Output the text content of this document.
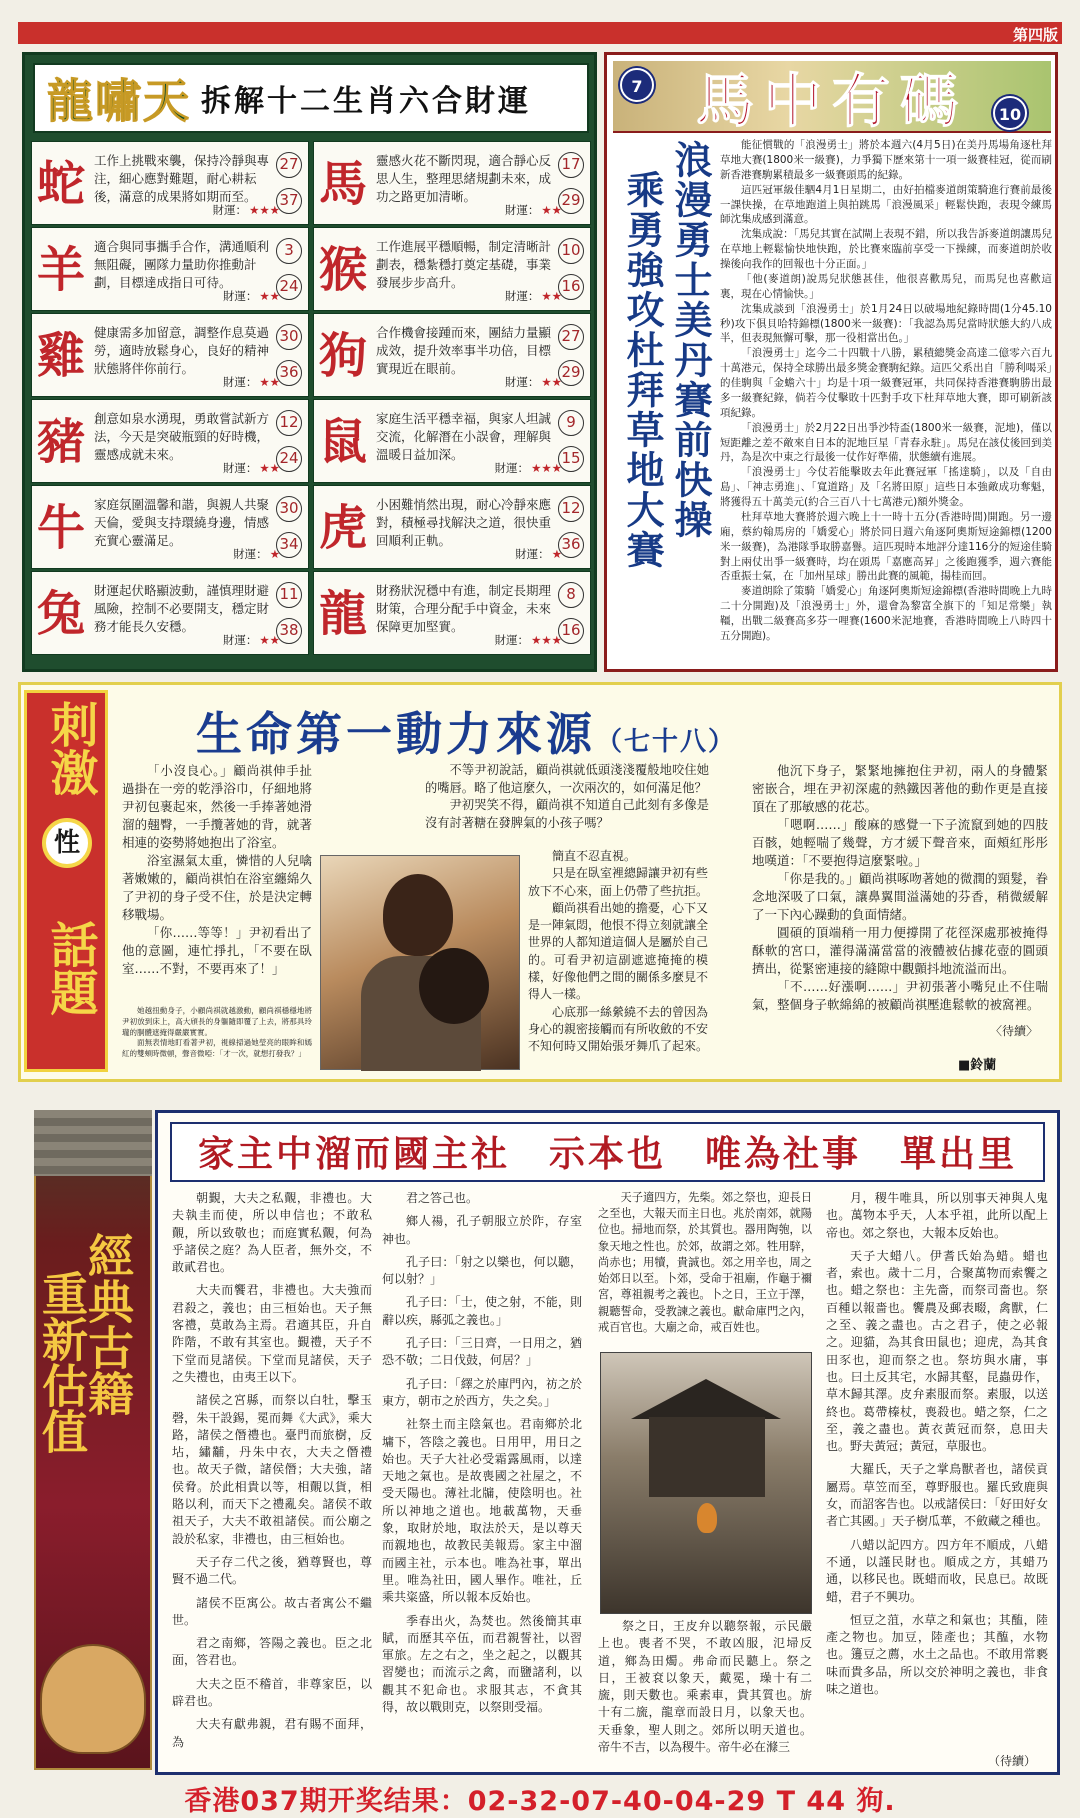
第四版
龍嘯天 拆解十二生肖六合財運
蛇 工作上挑戰來襲，保持冷靜與專注，細心應對難題，耐心耕耘後，滿意的成果將如期而至。
財運： ★★★
27
37 馬 靈感火花不斷閃現，適合靜心反思人生，整理思緒規劃未來，成功之路更加清晰。
財運： ★★
17
29
羊 適合與同事攜手合作，溝通順利無阻礙，團隊力量助你推動計劃，目標達成指日可待。
財運： ★★
3
24 猴 工作進展平穩順暢，制定清晰計劃表，穩紮穩打奠定基礎，事業發展步步高升。
財運： ★★
10
16
雞 健康需多加留意，調整作息莫過勞，適時放鬆身心，良好的精神狀態將伴你前行。
財運： ★★
30
36 狗 合作機會接踵而來，團結力量顯成效，提升效率事半功倍，目標實現近在眼前。
財運： ★★
27
29
豬 創意如泉水湧現，勇敢嘗試新方法，今天是突破瓶頸的好時機，靈感成就未來。
財運： ★★
12
24 鼠 家庭生活平穩幸福，與家人坦誠交流，化解潛在小誤會，理解與溫暖日益加深。
財運： ★★★
9
15
牛 家庭氛圍溫馨和諧，與親人共聚天倫，愛與支持環繞身邊，情感充實心靈滿足。
財運： ★
30
34 虎 小困難悄然出現，耐心冷靜來應對，積極尋找解決之道，很快重回順利正軌。
財運： ★
12
36
兔 財運起伏略顯波動，謹慎理財避風險，控制不必要開支，穩定財務才能長久安穩。
財運： ★★
11
38 龍 財務狀況穩中有進，制定長期理財策，合理分配手中資金，未來保障更加堅實。
財運： ★★★
8
16
馬中有碼
7
10
浪漫勇士美丹賽前快操
乘勇強攻杜拜草地大賽

能征慣戰的「浪漫勇士」將於本週六(4月5日)在美丹馬場角逐杜拜草地大賽(1800米一級賽)，力爭獨下歷來第十一項一級賽桂冠，從而刷新香港賽駒累積最多一級賽頭馬的紀錄。

這匹冠軍級佳駟4月1日星期二，由好拍檔麥道朗策騎進行賽前最後一課快操，在草地跑道上與拍跳馬「浪漫風采」輕鬆快跑，表現令練馬師沈集成感到滿意。

沈集成說：「馬兒其實在試閘上表現不錯，所以我告訴麥道朗讓馬兒在草地上輕鬆愉快地快跑，於比賽來臨前享受一下操練，而麥道朗於收操後向我作的回報也十分正面。」

「他(麥道朗)說馬兒狀態甚佳，他很喜歡馬兒，而馬兒也喜歡這裏，現在心情愉快。」

沈集成談到「浪漫勇士」於1月24日以破場地紀錄時間(1分45.10秒)攻下俱貝哈特錦標(1800米一級賽)：「我認為馬兒當時狀態大約八成半，但表現無懈可擊，那一役相當出色。」

「浪漫勇士」迄今二十四戰十八勝，累積總獎金高達二億零六百九十萬港元，保持全球勝出最多獎金賽駒紀錄。這匹父系出自「勝利喝采」的佳駒與「金蟾六十」均是十項一級賽冠軍，共同保持香港賽駒勝出最多一級賽紀錄，倘若今仗擊敗十匹對手攻下杜拜草地大賽，即可刷新該項紀錄。

「浪漫勇士」於2月22日出爭沙特盃(1800米一級賽，泥地)，僅以短距離之差不敵來自日本的泥地巨星「青春永駐」。馬兒在該仗後回到美丹，為是次中東之行最後一仗作好準備，狀態續有進展。

「浪漫勇士」今仗若能擊敗去年此賽冠軍「搖達騎」，以及「自由島」、「神志勇進」、「寬道路」及「名將田原」這些日本強敵成功奪魁，將獲得五十萬美元(約合三百八十七萬港元)額外獎金。

杜拜草地大賽將於週六晚上十一時十五分(香港時間)開跑。另一邊廂，蔡約翰馬房的「嬌愛心」將於同日週六角逐阿奧斯短途錦標(1200米一級賽)，為港隊爭取勝嘉譽。這匹現時本地評分達116分的短途佳騎對上兩仗出爭一級賽時，均在頭馬「嘉應高昇」之後跑獲季，週六賽能否重振士氣，在「加州星球」勝出此賽的風範，揚桂而回。

麥道朗除了策騎「嬌愛心」角逐阿奧斯短途錦標(香港時間晚上九時二十分開跑)及「浪漫勇士」外，還會為黎富全旗下的「知足常樂」執韁，出戰二級賽高多芬一哩賽(1600米泥地賽，香港時間晚上八時四十五分開跑)。

刺激
性
話題
生命第一動力來源（七十八）

「小沒良心。」顧尚祺伸手扯過掛在一旁的乾淨浴巾，仔細地將尹初包裹起來，然後一手捧著她滑溜的翹臀，一手攬著她的背，就著相連的姿勢將她抱出了浴室。

浴室濕氣太重，憐惜的人兒噙著嫩嫩的，顧尚祺怕在浴室纏綿久了尹初的身子受不住，於是決定轉移戰場。

「你……等等！」尹初看出了他的意圖，連忙掙扎，「不要在臥室……不對，不要再來了！」

她越扭動身子，小顧尚祺就越激動，顧尚祺穩穩地將尹初放到床上，高大頎長的身軀隨即覆了上去，將那具玲瓏的胴體遮掩得嚴嚴實實。

面無表情地盯看著尹初，視線掃過她瑩亮的眼眸和嫣紅的雙頰時微頓，聲音微啞：「才一次，就想打發我？」

不等尹初說話，顧尚祺就低頭淺淺覆般地咬住她的嘴唇。略了他這麼久，一次兩次的，如何滿足他？

尹初哭笑不得，顧尚祺不知道自己此刻有多像是沒有討著糖在發脾氣的小孩子嗎？

簡直不忍直視。

只是在臥室裡總歸讓尹初有些放下不心來，面上仍帶了些抗拒。

顧尚祺看出她的擔憂，心下又是一陣氣悶，他恨不得立刻就讓全世界的人都知道這個人是屬於自己的。可看尹初這副遮遮掩掩的模樣，好像他們之間的關係多麼見不得人一樣。

心底那一絲縈繞不去的曾因為身心的親密接觸而有所收斂的不安不知何時又開始張牙舞爪了起來。

他沉下身子，緊緊地擁抱住尹初，兩人的身體緊密嵌合，埋在尹初深處的熱鐵因著他的動作更是直接頂在了那敏感的花芯。

「嗯啊……」酸麻的感覺一下子流竄到她的四肢百骸，她輕喘了幾聲，方才緩下聲音來，面頰紅彤彤地嘆道：「不要抱得這麼緊啦。」

「你是我的。」顧尚祺啄吻著她的微潤的頸髮，眷念地深吸了口氣，讓鼻翼間溢滿她的芬香，稍微緩解了一下內心躁動的負面情緒。

圓碩的頂端稍一用力便撐開了花徑深處那被掩得酥軟的宮口，灌得滿滿當當的液體被佔據花壺的圓頭擠出，從緊密連接的縫隙中觀顫抖地流溢而出。

「不……好漲啊……」尹初張著小嘴兒止不住喘氣，整個身子軟綿綿的被顧尚祺壓進鬆軟的被窩裡。

〈待續〉
■鈴蘭
經典古籍
重新估值
家主中溜而國主社　示本也　唯為社事　單出里

朝覲，大夫之私覿，非禮也。大夫執圭而使，所以申信也；不敢私覿，所以致敬也；而庭實私覿，何為乎諸侯之庭？為人臣者，無外交，不敢貳君也。

大夫而饗君，非禮也。大夫強而君殺之，義也；由三桓始也。天子無客禮，莫敢為主焉。君適其臣，升自阼階，不敢有其室也。覲禮，天子不下堂而見諸侯。下堂而見諸侯，天子之失禮也，由夷王以下。

諸侯之宮縣，而祭以白牡，擊玉磬，朱干設錫，冕而舞《大武》，乘大路，諸侯之僭禮也。臺門而旅樹，反坫，繡黼，丹朱中衣，大夫之僭禮也。故天子微，諸侯僭；大夫強，諸侯脅。於此相貴以等，相覿以貨，相賂以利，而天下之禮亂矣。諸侯不敢祖天子，大夫不敢祖諸侯。而公廟之設於私家，非禮也，由三桓始也。

天子存二代之後，猶尊賢也，尊賢不過二代。

諸侯不臣寓公。故古者寓公不繼世。

君之南鄉，答陽之義也。臣之北面，答君也。

大夫之臣不稽首，非尊家臣，以辟君也。

大夫有獻弗親，君有賜不面拜，為

君之答己也。

鄉人禓，孔子朝服立於阼，存室神也。

孔子曰：「射之以樂也，何以聽，何以射？」

孔子曰：「士，使之射，不能，則辭以疾，縣弧之義也。」

孔子曰：「三日齊，一日用之，猶恐不敬；二日伐鼓，何居？」

孔子曰：「繹之於庫門內，祊之於東方，朝市之於西方，失之矣。」

社祭土而主陰氣也。君南鄉於北墉下，答陰之義也。日用甲，用日之始也。天子大社必受霜露風雨，以達天地之氣也。是故喪國之社屋之，不受天陽也。薄社北牖，使陰明也。社所以神地之道也。地載萬物，天垂象，取財於地，取法於天，是以尊天而親地也，故教民美報焉。家主中溜而國主社，示本也。唯為社事，單出里。唯為社田，國人畢作。唯社，丘乘共粢盛，所以報本反始也。

季春出火，為焚也。然後簡其車賦，而歷其卒伍，而君親誓社，以習軍旅。左之右之，坐之起之，以觀其習變也；而流示之禽，而鹽諸利，以觀其不犯命也。求服其志，不貪其得，故以戰則克，以祭則受福。

天子適四方，先柴。郊之祭也，迎長日之至也，大報天而主日也。兆於南郊，就陽位也。掃地而祭，於其質也。器用陶匏，以象天地之性也。於郊，故謂之郊。牲用騂，尚赤也；用犢，貴誠也。郊之用辛也，周之始郊日以至。卜郊，受命于祖廟，作龜于禰宮，尊祖親考之義也。卜之日，王立于澤，親聽誓命，受教諫之義也。獻命庫門之內，戒百官也。大廟之命，戒百姓也。

祭之日，王皮弁以聽祭報，示民嚴上也。喪者不哭，不敢凶服，氾埽反道，鄉為田燭。弗命而民聽上。祭之日，王被袞以象天，戴冕，璪十有二旒，則天數也。乘素車，貴其質也。旂十有二旒，龍章而設日月，以象天也。天垂象，聖人則之。郊所以明天道也。帝牛不吉，以為稷牛。帝牛必在滌三

月，稷牛唯具，所以別事天神與人鬼也。萬物本乎天，人本乎祖，此所以配上帝也。郊之祭也，大報本反始也。

天子大蜡八。伊耆氏始為蜡。蜡也者，索也。歲十二月，合聚萬物而索饗之也。蜡之祭也：主先嗇，而祭司嗇也。祭百種以報嗇也。饗農及郵表畷，禽獸，仁之至、義之盡也。古之君子，使之必報之。迎貓，為其食田鼠也；迎虎，為其食田豕也，迎而祭之也。祭坊與水庸，事也。曰土反其宅，水歸其壑，昆蟲毋作，草木歸其澤。皮弁素服而祭。素服，以送終也。葛帶榛杖，喪殺也。蜡之祭，仁之至，義之盡也。黃衣黃冠而祭，息田夫也。野夫黃冠；黃冠，草服也。

大羅氏，天子之掌鳥獸者也，諸侯貢屬焉。草笠而至，尊野服也。羅氏致鹿與女，而詔客告也。以戒諸侯曰：「好田好女者亡其國。」天子樹瓜華，不斂藏之種也。

八蜡以記四方。四方年不順成，八蜡不通，以謹民財也。順成之方，其蜡乃通，以移民也。既蜡而收，民息已。故既蜡，君子不興功。

恒豆之菹，水草之和氣也；其醢，陸產之物也。加豆，陸產也；其醢，水物也。籩豆之薦，水土之品也。不敢用常褻味而貴多品，所以交於神明之義也，非食味之道也。

（待續）
香港037期开奖结果：02-32-07-40-04-29 T 44 狗.
